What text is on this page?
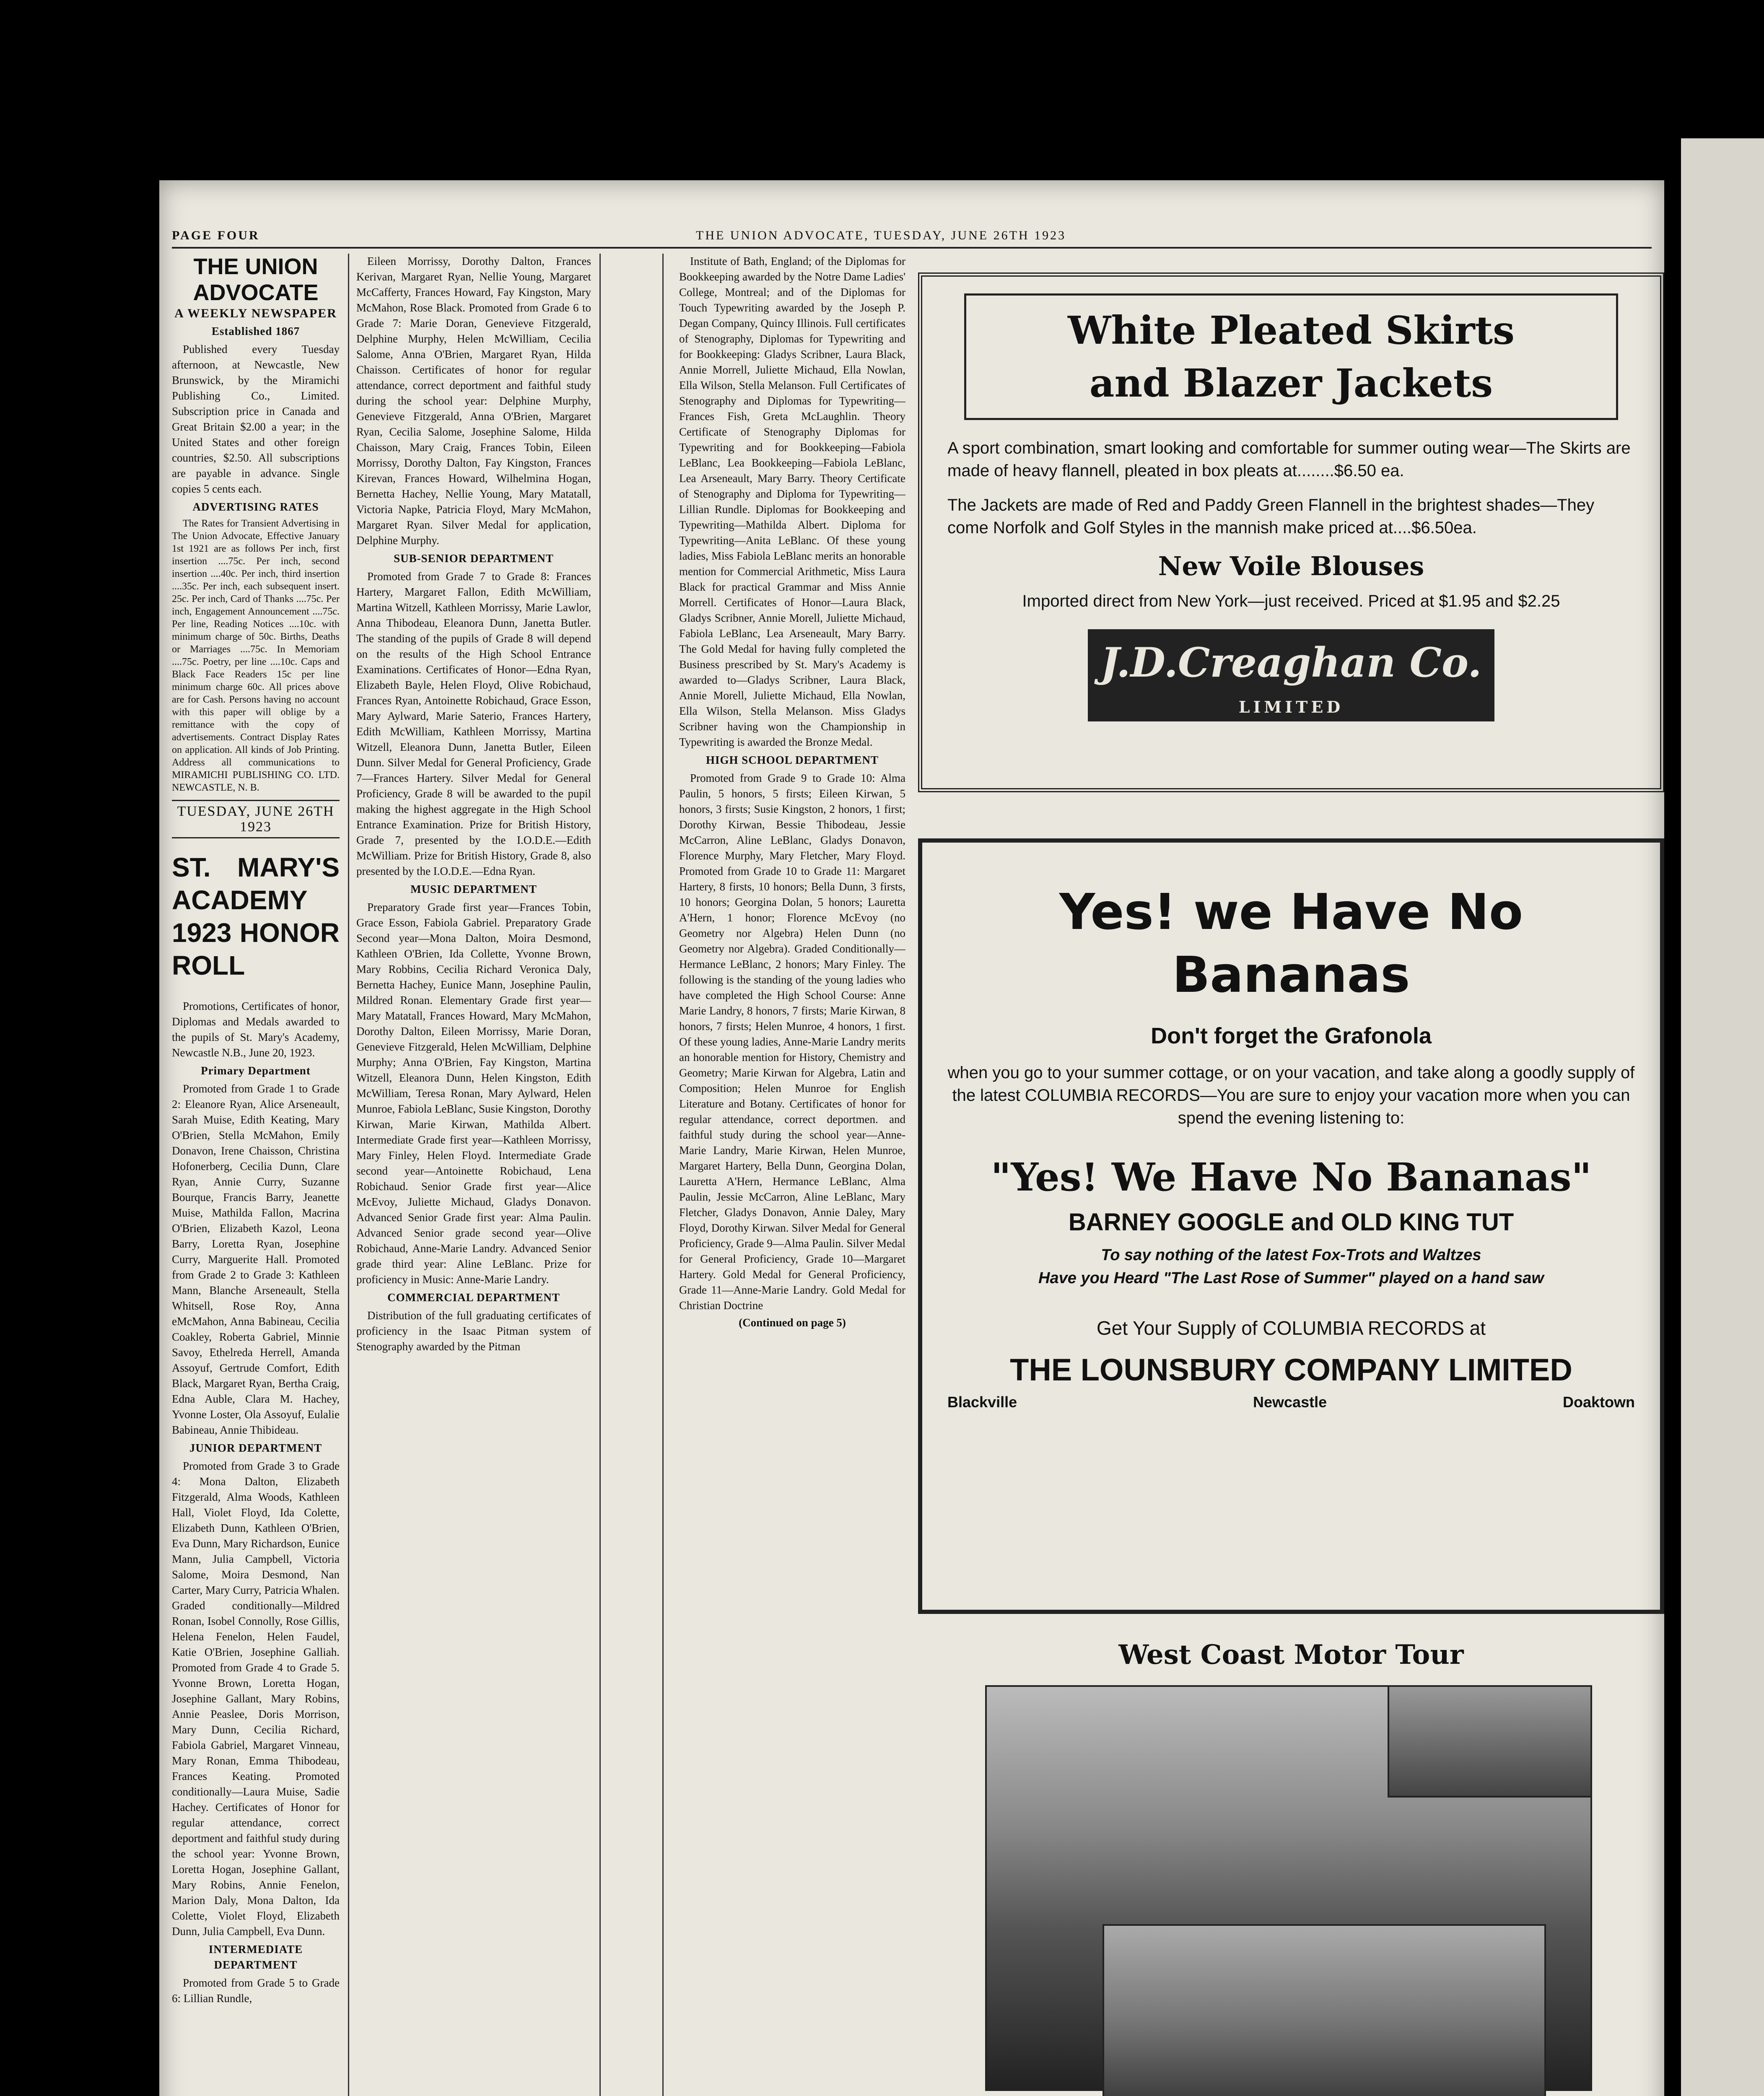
PAGE FOUR	THE UNION ADVOCATE, TUESDAY, JUNE 26TH 1923
THE UNION ADVOCATE
A WEEKLY NEWSPAPER
Established 1867

Published every Tuesday afternoon, at Newcastle, New Brunswick, by the Miramichi Publishing Co., Limited. Subscription price in Canada and Great Britain $2.00 a year; in the United States and other foreign countries, $2.50. All subscriptions are payable in advance. Single copies 5 cents each.

ADVERTISING RATES

The Rates for Transient Advertising in The Union Advocate, Effective January 1st 1921 are as follows Per inch, first insertion ....75c. Per inch, second insertion ....40c. Per inch, third insertion ....35c. Per inch, each subsequent insert. 25c. Per inch, Card of Thanks ....75c. Per inch, Engagement Announcement ....75c. Per line, Reading Notices ....10c. with minimum charge of 50c. Births, Deaths or Marriages ....75c. In Memoriam ....75c. Poetry, per line ....10c. Caps and Black Face Readers 15c per line minimum charge 60c. All prices above are for Cash. Persons having no account with this paper will oblige by a remittance with the copy of advertisements. Contract Display Rates on application. All kinds of Job Printing. Address all communications to MIRAMICHI PUBLISHING CO. LTD. NEWCASTLE, N. B.

TUESDAY, JUNE 26TH 1923
ST. MARY'S ACADEMY 1923 HONOR ROLL

Promotions, Certificates of honor, Diplomas and Medals awarded to the pupils of St. Mary's Academy, Newcastle N.B., June 20, 1923.

Primary Department

Promoted from Grade 1 to Grade 2: Eleanore Ryan, Alice Arseneault, Sarah Muise, Edith Keating, Mary O'Brien, Stella McMahon, Emily Donavon, Irene Chaisson, Christina Hofonerberg, Cecilia Dunn, Clare Ryan, Annie Curry, Suzanne Bourque, Francis Barry, Jeanette Muise, Mathilda Fallon, Macrina O'Brien, Elizabeth Kazol, Leona Barry, Loretta Ryan, Josephine Curry, Marguerite Hall. Promoted from Grade 2 to Grade 3: Kathleen Mann, Blanche Arseneault, Stella Whitsell, Rose Roy, Anna eMcMahon, Anna Babineau, Cecilia Coakley, Roberta Gabriel, Minnie Savoy, Ethelreda Herrell, Amanda Assoyuf, Gertrude Comfort, Edith Black, Margaret Ryan, Bertha Craig, Edna Auble, Clara M. Hachey, Yvonne Loster, Ola Assoyuf, Eulalie Babineau, Annie Thibideau.

JUNIOR DEPARTMENT

Promoted from Grade 3 to Grade 4: Mona Dalton, Elizabeth Fitzgerald, Alma Woods, Kathleen Hall, Violet Floyd, Ida Colette, Elizabeth Dunn, Kathleen O'Brien, Eva Dunn, Mary Richardson, Eunice Mann, Julia Campbell, Victoria Salome, Moira Desmond, Nan Carter, Mary Curry, Patricia Whalen. Graded conditionally—Mildred Ronan, Isobel Connolly, Rose Gillis, Helena Fenelon, Helen Faudel, Katie O'Brien, Josephine Galliah. Promoted from Grade 4 to Grade 5. Yvonne Brown, Loretta Hogan, Josephine Gallant, Mary Robins, Annie Peaslee, Doris Morrison, Mary Dunn, Cecilia Richard, Fabiola Gabriel, Margaret Vinneau, Mary Ronan, Emma Thibodeau, Frances Keating. Promoted conditionally—Laura Muise, Sadie Hachey. Certificates of Honor for regular attendance, correct deportment and faithful study during the school year: Yvonne Brown, Loretta Hogan, Josephine Gallant, Mary Robins, Annie Fenelon, Marion Daly, Mona Dalton, Ida Colette, Violet Floyd, Elizabeth Dunn, Julia Campbell, Eva Dunn.

INTERMEDIATE DEPARTMENT

Promoted from Grade 5 to Grade 6: Lillian Rundle,

Eileen Morrissy, Dorothy Dalton, Frances Kerivan, Margaret Ryan, Nellie Young, Margaret McCafferty, Frances Howard, Fay Kingston, Mary McMahon, Rose Black. Promoted from Grade 6 to Grade 7: Marie Doran, Genevieve Fitzgerald, Delphine Murphy, Helen McWilliam, Cecilia Salome, Anna O'Brien, Margaret Ryan, Hilda Chaisson. Certificates of honor for regular attendance, correct deportment and faithful study during the school year: Delphine Murphy, Genevieve Fitzgerald, Anna O'Brien, Margaret Ryan, Cecilia Salome, Josephine Salome, Hilda Chaisson, Mary Craig, Frances Tobin, Eileen Morrissy, Dorothy Dalton, Fay Kingston, Frances Kirevan, Frances Howard, Wilhelmina Hogan, Bernetta Hachey, Nellie Young, Mary Matatall, Victoria Napke, Patricia Floyd, Mary McMahon, Margaret Ryan. Silver Medal for application, Delphine Murphy.

SUB-SENIOR DEPARTMENT

Promoted from Grade 7 to Grade 8: Frances Hartery, Margaret Fallon, Edith McWilliam, Martina Witzell, Kathleen Morrissy, Marie Lawlor, Anna Thibodeau, Eleanora Dunn, Janetta Butler. The standing of the pupils of Grade 8 will depend on the results of the High School Entrance Examinations. Certificates of Honor—Edna Ryan, Elizabeth Bayle, Helen Floyd, Olive Robichaud, Frances Ryan, Antoinette Robichaud, Grace Esson, Mary Aylward, Marie Saterio, Frances Hartery, Edith McWilliam, Kathleen Morrissy, Martina Witzell, Eleanora Dunn, Janetta Butler, Eileen Dunn. Silver Medal for General Proficiency, Grade 7—Frances Hartery. Silver Medal for General Proficiency, Grade 8 will be awarded to the pupil making the highest aggregate in the High School Entrance Examination. Prize for British History, Grade 7, presented by the I.O.D.E.—Edith McWilliam. Prize for British History, Grade 8, also presented by the I.O.D.E.—Edna Ryan.

MUSIC DEPARTMENT

Preparatory Grade first year—Frances Tobin, Grace Esson, Fabiola Gabriel. Preparatory Grade Second year—Mona Dalton, Moira Desmond, Kathleen O'Brien, Ida Collette, Yvonne Brown, Mary Robbins, Cecilia Richard Veronica Daly, Bernetta Hachey, Eunice Mann, Josephine Paulin, Mildred Ronan. Elementary Grade first year—Mary Matatall, Frances Howard, Mary McMahon, Dorothy Dalton, Eileen Morrissy, Marie Doran, Genevieve Fitzgerald, Helen McWilliam, Delphine Murphy; Anna O'Brien, Fay Kingston, Martina Witzell, Eleanora Dunn, Helen Kingston, Edith McWilliam, Teresa Ronan, Mary Aylward, Helen Munroe, Fabiola LeBlanc, Susie Kingston, Dorothy Kirwan, Marie Kirwan, Mathilda Albert. Intermediate Grade first year—Kathleen Morrissy, Mary Finley, Helen Floyd. Intermediate Grade second year—Antoinette Robichaud, Lena Robichaud. Senior Grade first year—Alice McEvoy, Juliette Michaud, Gladys Donavon. Advanced Senior Grade first year: Alma Paulin. Advanced Senior grade second year—Olive Robichaud, Anne-Marie Landry. Advanced Senior grade third year: Aline LeBlanc. Prize for proficiency in Music: Anne-Marie Landry.

COMMERCIAL DEPARTMENT

Distribution of the full graduating certificates of proficiency in the Isaac Pitman system of Stenography awarded by the Pitman

Institute of Bath, England; of the Diplomas for Bookkeeping awarded by the Notre Dame Ladies' College, Montreal; and of the Diplomas for Touch Typewriting awarded by the Joseph P. Degan Company, Quincy Illinois. Full certificates of Stenography, Diplomas for Typewriting and for Bookkeeping: Gladys Scribner, Laura Black, Annie Morrell, Juliette Michaud, Ella Nowlan, Ella Wilson, Stella Melanson. Full Certificates of Stenography and Diplomas for Typewriting—Frances Fish, Greta McLaughlin. Theory Certificate of Stenography Diplomas for Typewriting and for Bookkeeping—Fabiola LeBlanc, Lea Bookkeeping—Fabiola LeBlanc, Lea Arseneault, Mary Barry. Theory Certificate of Stenography and Diploma for Typewriting—Lillian Rundle. Diplomas for Bookkeeping and Typewriting—Mathilda Albert. Diploma for Typewriting—Anita LeBlanc. Of these young ladies, Miss Fabiola LeBlanc merits an honorable mention for Commercial Arithmetic, Miss Laura Black for practical Grammar and Miss Annie Morrell. Certificates of Honor—Laura Black, Gladys Scribner, Annie Morell, Juliette Michaud, Fabiola LeBlanc, Lea Arseneault, Mary Barry. The Gold Medal for having fully completed the Business prescribed by St. Mary's Academy is awarded to—Gladys Scribner, Laura Black, Annie Morell, Juliette Michaud, Ella Nowlan, Ella Wilson, Stella Melanson. Miss Gladys Scribner having won the Championship in Typewriting is awarded the Bronze Medal.

HIGH SCHOOL DEPARTMENT

Promoted from Grade 9 to Grade 10: Alma Paulin, 5 honors, 5 firsts; Eileen Kirwan, 5 honors, 3 firsts; Susie Kingston, 2 honors, 1 first; Dorothy Kirwan, Bessie Thibodeau, Jessie McCarron, Aline LeBlanc, Gladys Donavon, Florence Murphy, Mary Fletcher, Mary Floyd. Promoted from Grade 10 to Grade 11: Margaret Hartery, 8 firsts, 10 honors; Bella Dunn, 3 firsts, 10 honors; Georgina Dolan, 5 honors; Lauretta A'Hern, 1 honor; Florence McEvoy (no Geometry nor Algebra) Helen Dunn (no Geometry nor Algebra). Graded Conditionally—Hermance LeBlanc, 2 honors; Mary Finley. The following is the standing of the young ladies who have completed the High School Course: Anne Marie Landry, 8 honors, 7 firsts; Marie Kirwan, 8 honors, 7 firsts; Helen Munroe, 4 honors, 1 first. Of these young ladies, Anne-Marie Landry merits an honorable mention for History, Chemistry and Geometry; Marie Kirwan for Algebra, Latin and Composition; Helen Munroe for English Literature and Botany. Certificates of honor for regular attendance, correct deportmen. and faithful study during the school year—Anne-Marie Landry, Marie Kirwan, Helen Munroe, Margaret Hartery, Bella Dunn, Georgina Dolan, Lauretta A'Hern, Hermance LeBlanc, Alma Paulin, Jessie McCarron, Aline LeBlanc, Mary Fletcher, Gladys Donavon, Annie Daley, Mary Floyd, Dorothy Kirwan. Silver Medal for General Proficiency, Grade 9—Alma Paulin. Silver Medal for General Proficiency, Grade 10—Margaret Hartery. Gold Medal for General Proficiency, Grade 11—Anne-Marie Landry. Gold Medal for Christian Doctrine

(Continued on page 5)
White Pleated Skirts
and Blazer Jackets
A sport combination, smart looking and comfortable for summer outing wear—The Skirts are made of heavy flannell, pleated in box pleats at........$6.50 ea.
The Jackets are made of Red and Paddy Green Flannell in the brightest shades—They come Norfolk and Golf Styles in the mannish make priced at....$6.50ea.
New Voile Blouses
Imported direct from New York—just received. Priced at $1.95 and $2.25
J.D.Creaghan Co.
LIMITED
Yes! we Have No Bananas
Don't forget the Grafonola
when you go to your summer cottage, or on your vacation, and take along a goodly supply of the latest COLUMBIA RECORDS—You are sure to enjoy your vacation more when you can spend the evening listening to:
"Yes! We Have No Bananas"
BARNEY GOOGLE and OLD KING TUT
To say nothing of the latest Fox-Trots and Waltzes
Have you Heard "The Last Rose of Summer" played on a hand saw
Get Your Supply of COLUMBIA RECORDS at
THE LOUNSBURY COMPANY LIMITED
Blackville	Newcastle	Doaktown
West Coast Motor Tour
